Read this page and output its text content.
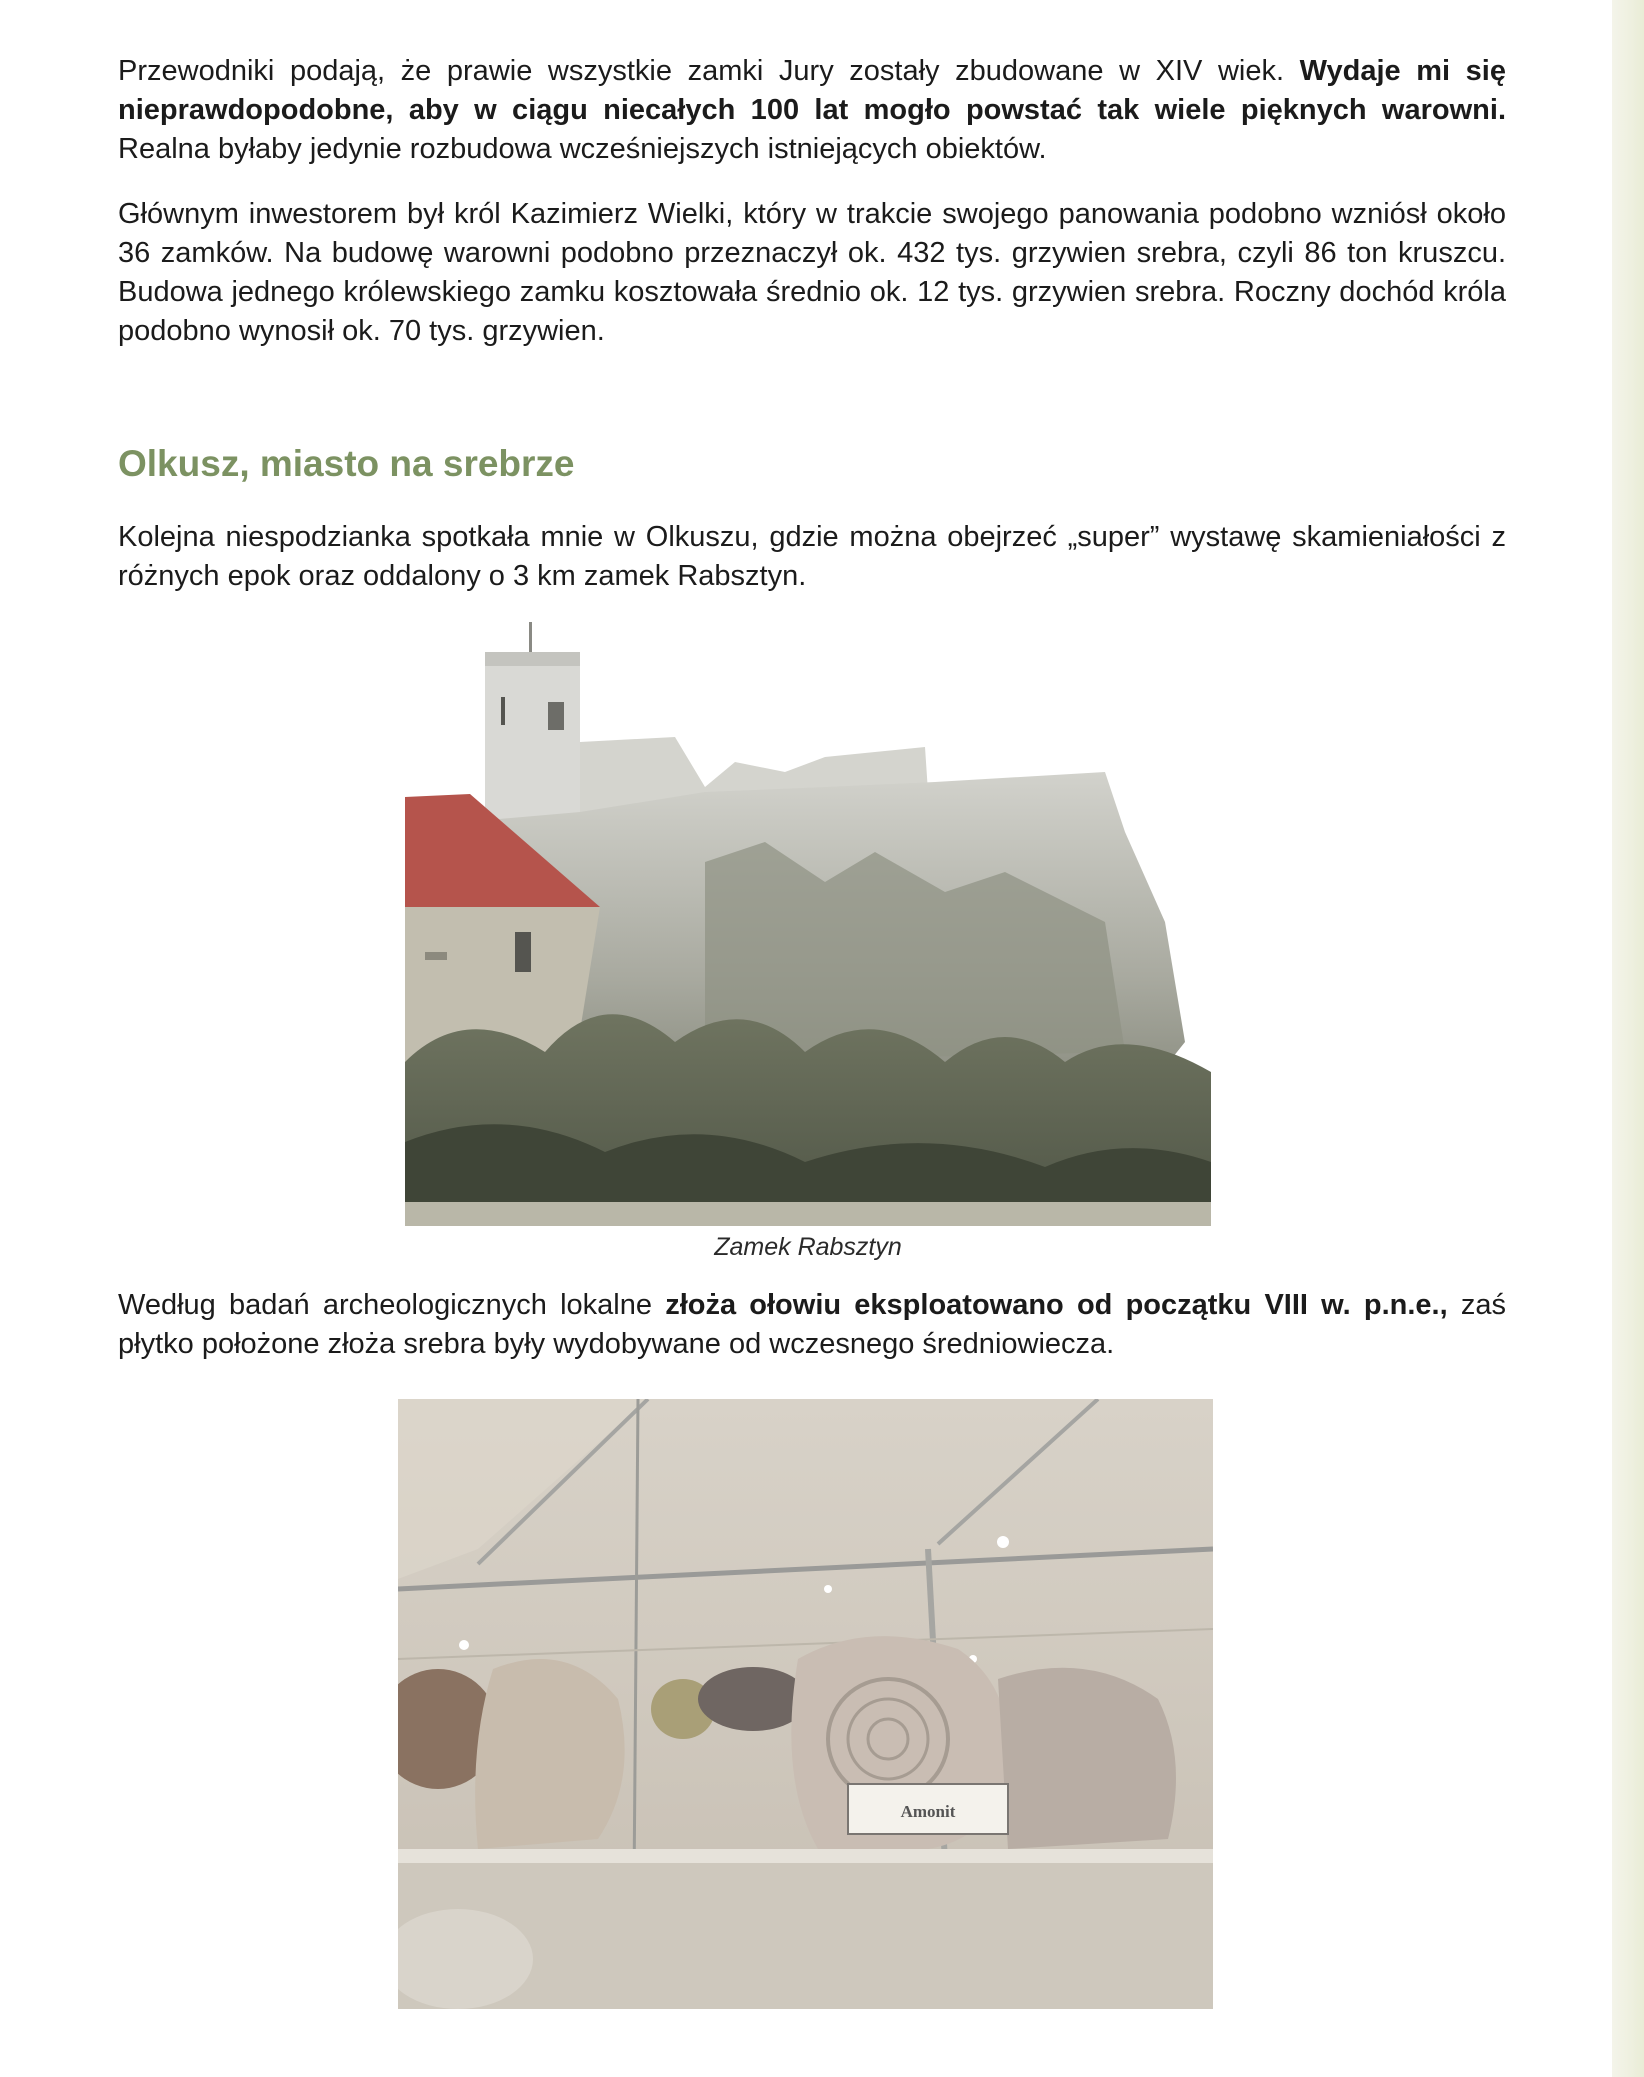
Przewodniki podają, że prawie wszystkie zamki Jury zostały zbudowane w XIV wiek. Wydaje mi się nieprawdopodobne, aby w ciągu niecałych 100 lat mogło powstać tak wiele pięknych warowni. Realna byłaby jedynie rozbudowa wcześniejszych istniejących obiektów.

Głównym inwestorem był król Kazimierz Wielki, który w trakcie swojego panowania podobno wzniósł około 36 zamków. Na budowę warowni podobno przeznaczył ok. 432 tys. grzywien srebra, czyli 86 ton kruszcu. Budowa jednego królewskiego zamku kosztowała średnio ok. 12 tys. grzywien srebra. Roczny dochód króla podobno wynosił ok. 70 tys. grzywien.

Olkusz, miasto na srebrze

Kolejna niespodzianka spotkała mnie w Olkuszu, gdzie można obejrzeć „super” wystawę skamieniałości z różnych epok oraz oddalony o 3 km zamek Rabsztyn.

Zamek Rabsztyn

Według badań archeologicznych lokalne złoża ołowiu eksploatowano od początku VIII w. p.n.e., zaś płytko położone złoża srebra były wydobywane od wczesnego średniowiecza.

Amonit
